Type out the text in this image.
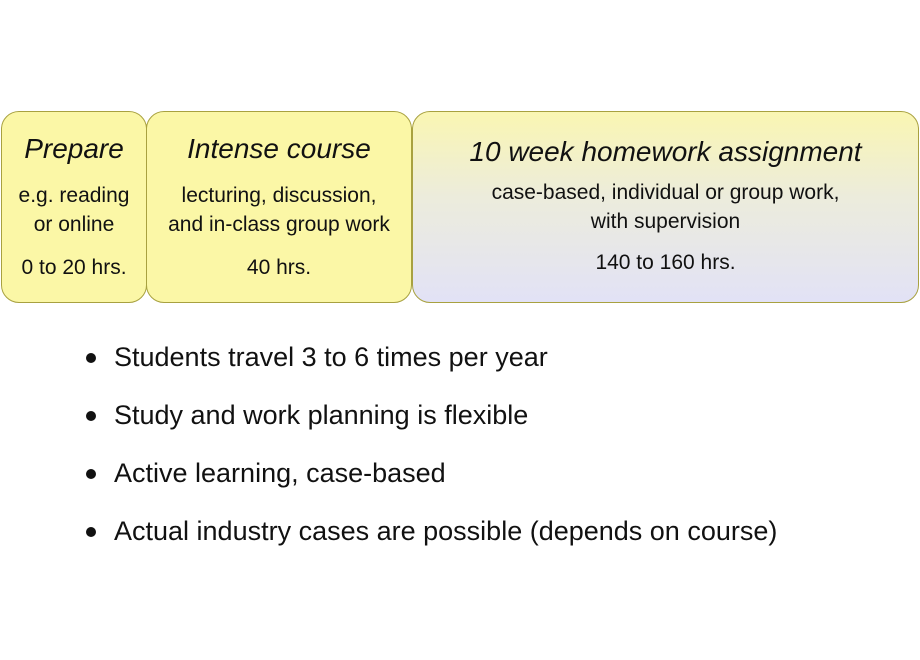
Prepare
e.g. reading
or online
0 to 20 hrs.
Intense course
lecturing, discussion,
and in-class group work
40 hrs.
10 week homework assignment
case-based, individual or group work,
with supervision
140 to 160 hrs.
Students travel 3 to 6 times per year
Study and work planning is flexible
Active learning, case-based
Actual industry cases are possible (depends on course)
